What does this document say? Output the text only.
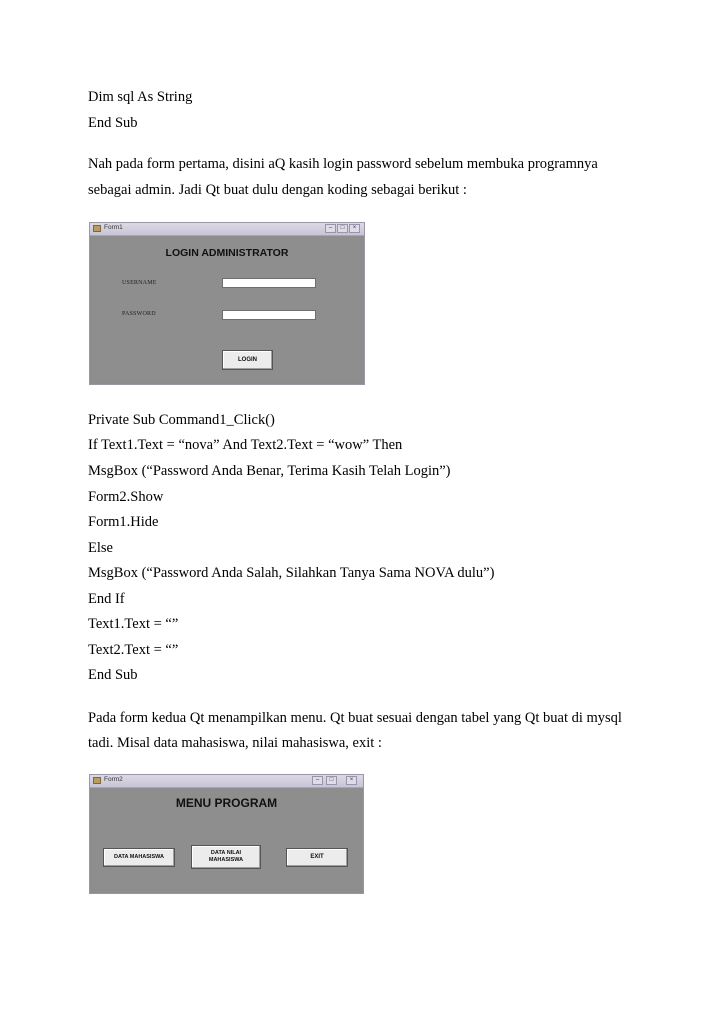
Dim sql As String
End Sub
Nah pada form pertama, disini aQ kasih login password sebelum membuka programnya
sebagai admin. Jadi Qt buat dulu dengan koding sebagai berikut :
Form1	–	□	×
LOGIN ADMINISTRATOR
USERNAME
PASSWORD
LOGIN
Private Sub Command1_Click()
If Text1.Text = “nova” And Text2.Text = “wow” Then
MsgBox (“Password Anda Benar, Terima Kasih Telah Login”)
Form2.Show
Form1.Hide
Else
MsgBox (“Password Anda Salah, Silahkan Tanya Sama NOVA dulu”)
End If
Text1.Text = “”
Text2.Text = “”
End Sub
Pada form kedua Qt menampilkan menu. Qt buat sesuai dengan tabel yang Qt buat di mysql
tadi. Misal data mahasiswa, nilai mahasiswa, exit :
Form2	–	□	×
MENU PROGRAM
DATA MAHASISWA
DATA NILAI MAHASISWA	EXIT
